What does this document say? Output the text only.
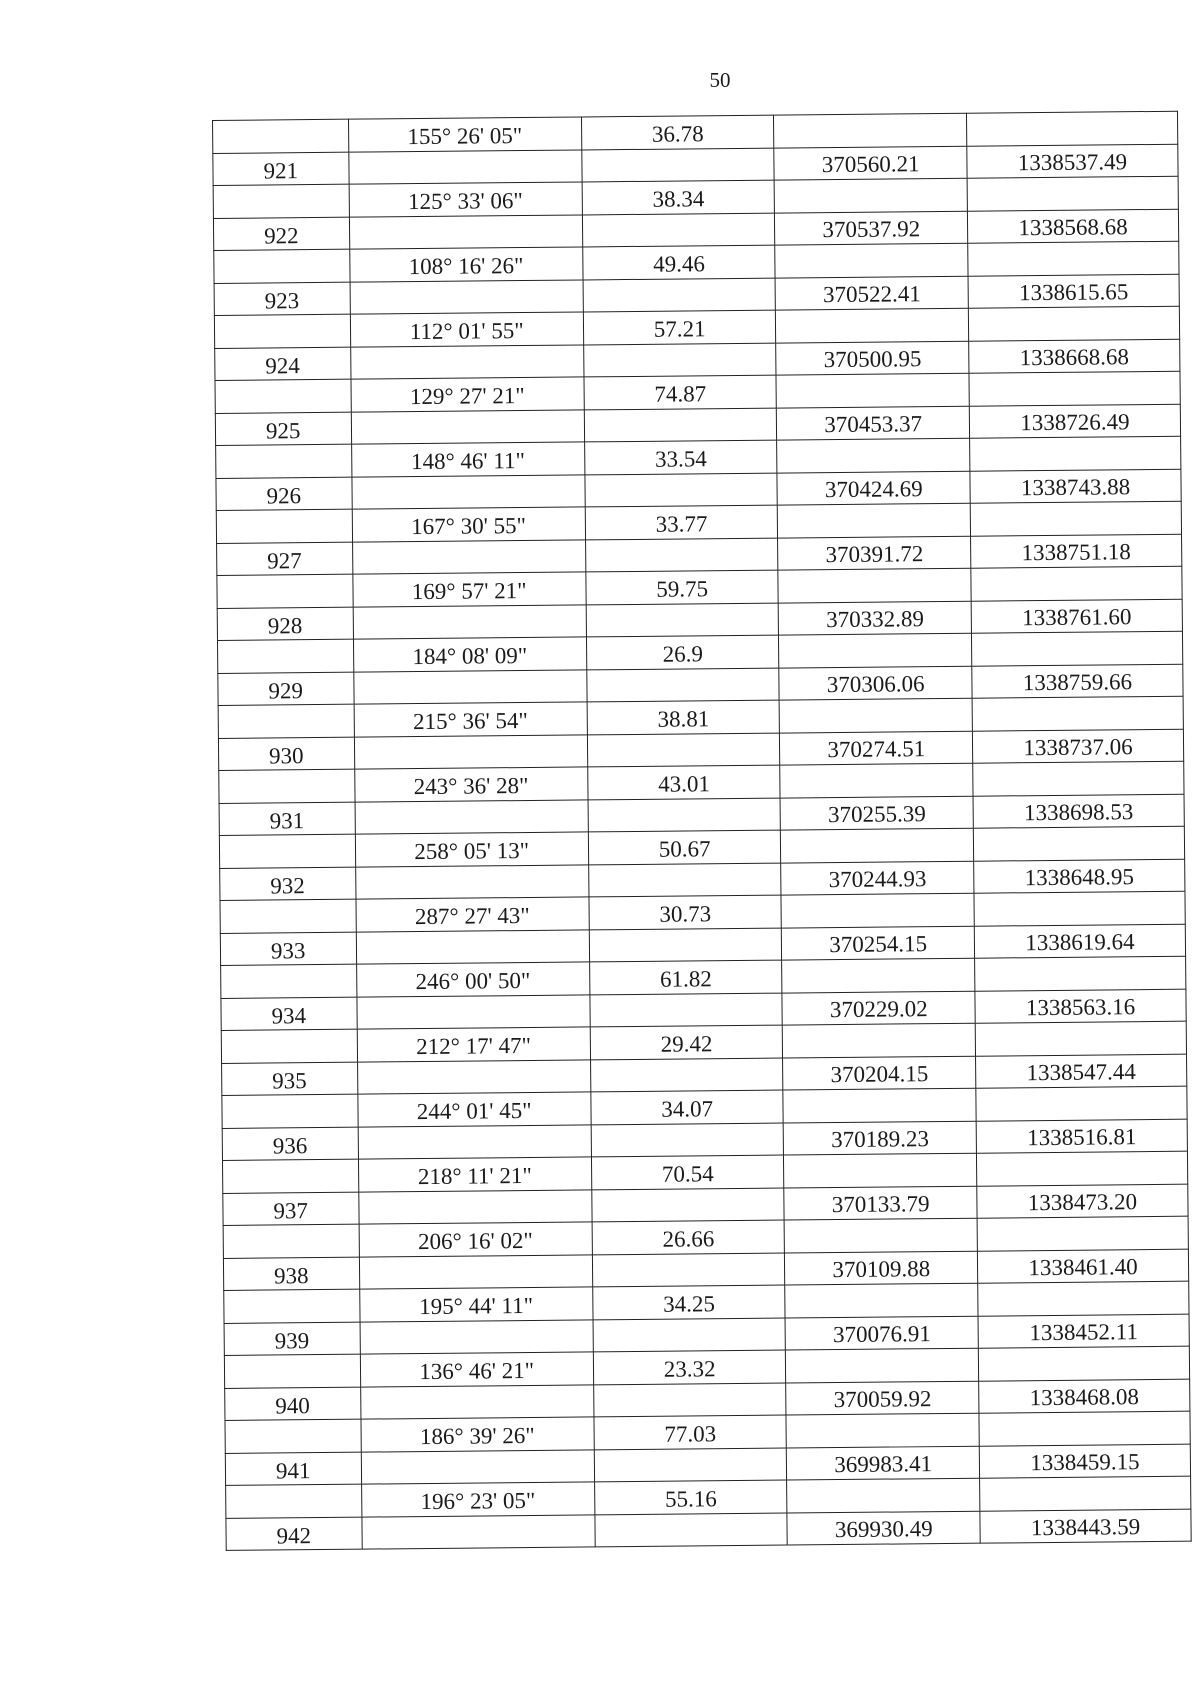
50
	155° 26' 05"	36.78		
921			370560.21	1338537.49
	125° 33' 06"	38.34		
922			370537.92	1338568.68
	108° 16' 26"	49.46		
923			370522.41	1338615.65
	112° 01' 55"	57.21		
924			370500.95	1338668.68
	129° 27' 21"	74.87		
925			370453.37	1338726.49
	148° 46' 11"	33.54		
926			370424.69	1338743.88
	167° 30' 55"	33.77		
927			370391.72	1338751.18
	169° 57' 21"	59.75		
928			370332.89	1338761.60
	184° 08' 09"	26.9		
929			370306.06	1338759.66
	215° 36' 54"	38.81		
930			370274.51	1338737.06
	243° 36' 28"	43.01		
931			370255.39	1338698.53
	258° 05' 13"	50.67		
932			370244.93	1338648.95
	287° 27' 43"	30.73		
933			370254.15	1338619.64
	246° 00' 50"	61.82		
934			370229.02	1338563.16
	212° 17' 47"	29.42		
935			370204.15	1338547.44
	244° 01' 45"	34.07		
936			370189.23	1338516.81
	218° 11' 21"	70.54		
937			370133.79	1338473.20
	206° 16' 02"	26.66		
938			370109.88	1338461.40
	195° 44' 11"	34.25		
939			370076.91	1338452.11
	136° 46' 21"	23.32		
940			370059.92	1338468.08
	186° 39' 26"	77.03		
941			369983.41	1338459.15
	196° 23' 05"	55.16		
942			369930.49	1338443.59
